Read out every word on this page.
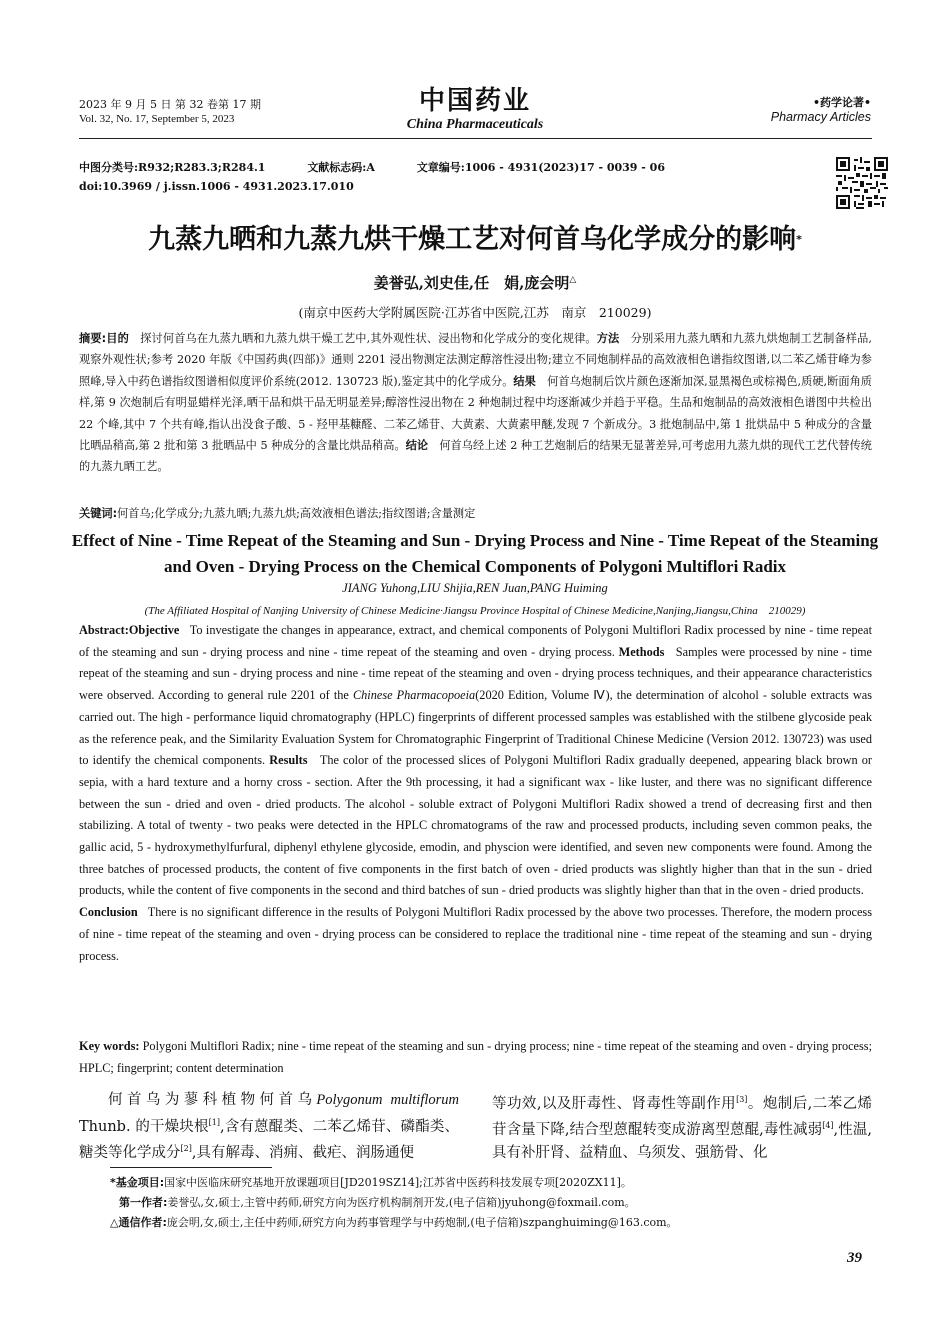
2023 年 9 月 5 日 第 32 卷第 17 期
Vol. 32, No. 17, September 5, 2023
中国药业
China Pharmaceuticals
•药学论著•
Pharmacy Articles
中图分类号:R932;R283.3;R284.1	文献标志码:A	文章编号:1006 - 4931(2023)17 - 0039 - 06
doi:10.3969 / j.issn.1006 - 4931.2023.17.010
九蒸九晒和九蒸九烘干燥工艺对何首乌化学成分的影响*
姜誉弘,刘史佳,任　娟,庞会明△
(南京中医药大学附属医院·江苏省中医院,江苏　南京　210029)
摘要:目的　 探讨何首乌在九蒸九晒和九蒸九烘干燥工艺中,其外观性状、浸出物和化学成分的变化规律。方法　 分别采用九蒸九晒和九蒸九烘炮制工艺制备样品,观察外观性状;参考 2020 年版《中国药典(四部)》通则 2201 浸出物测定法测定醇溶性浸出物;建立不同炮制样品的高效液相色谱指纹图谱,以二苯乙烯苷峰为参照峰,导入中药色谱指纹图谱相似度评价系统(2012. 130723 版),鉴定其中的化学成分。结果　 何首乌炮制后饮片颜色逐渐加深,显黑褐色或棕褐色,质硬,断面角质样,第 9 次炮制后有明显蜡样光泽,晒干品和烘干品无明显差异;醇溶性浸出物在 2 种炮制过程中均逐渐减少并趋于平稳。生品和炮制品的高效液相色谱图中共检出 22 个峰,其中 7 个共有峰,指认出没食子酸、5 - 羟甲基糠醛、二苯乙烯苷、大黄素、大黄素甲醚,发现 7 个新成分。3 批炮制品中,第 1 批烘品中 5 种成分的含量比晒品稍高,第 2 批和第 3 批晒品中 5 种成分的含量比烘品稍高。结论　 何首乌经上述 2 种工艺炮制后的结果无显著差异,可考虑用九蒸九烘的现代工艺代替传统的九蒸九晒工艺。
关键词:何首乌;化学成分;九蒸九晒;九蒸九烘;高效液相色谱法;指纹图谱;含量测定
Effect of Nine - Time Repeat of the Steaming and Sun - Drying Process and Nine - Time Repeat of the Steaming and Oven - Drying Process on the Chemical Components of Polygoni Multiflori Radix
JIANG Yuhong,LIU Shijia,REN Juan,PANG Huiming
(The Affiliated Hospital of Nanjing University of Chinese Medicine·Jiangsu Province Hospital of Chinese Medicine,Nanjing,Jiangsu,China　210029)
Abstract:Objective To investigate the changes in appearance, extract, and chemical components of Polygoni Multiflori Radix processed by nine - time repeat of the steaming and sun - drying process and nine - time repeat of the steaming and oven - drying process. Methods Samples were processed by nine - time repeat of the steaming and sun - drying process and nine - time repeat of the steaming and oven - drying process techniques, and their appearance characteristics were observed. According to general rule 2201 of the Chinese Pharmacopoeia(2020 Edition, Volume Ⅳ), the determination of alcohol - soluble extracts was carried out. The high - performance liquid chromatography (HPLC) fingerprints of different processed samples was established with the stilbene glycoside peak as the reference peak, and the Similarity Evaluation System for Chromatographic Fingerprint of Traditional Chinese Medicine (Version 2012. 130723) was used to identify the chemical components. Results The color of the processed slices of Polygoni Multiflori Radix gradually deepened, appearing black brown or sepia, with a hard texture and a horny cross - section. After the 9th processing, it had a significant wax - like luster, and there was no significant difference between the sun - dried and oven - dried products. The alcohol - soluble extract of Polygoni Multiflori Radix showed a trend of decreasing first and then stabilizing. A total of twenty - two peaks were detected in the HPLC chromatograms of the raw and processed products, including seven common peaks, the gallic acid, 5 - hydroxymethylfurfural, diphenyl ethylene glycoside, emodin, and physcion were identified, and seven new components were found. Among the three batches of processed products, the content of five components in the first batch of oven - dried products was slightly higher than that in the sun - dried products, while the content of five components in the second and third batches of sun - dried products was slightly higher than that in the oven - dried products.
Conclusion There is no significant difference in the results of Polygoni Multiflori Radix processed by the above two processes. Therefore, the modern process of nine - time repeat of the steaming and oven - drying process can be considered to replace the traditional nine - time repeat of the steaming and sun - drying process.
Key words: Polygoni Multiflori Radix; nine - time repeat of the steaming and sun - drying process; nine - time repeat of the steaming and oven - drying process; HPLC; fingerprint; content determination
何首乌为蓼科植物何首乌Polygonum multiflorum Thunb. 的干燥块根[1],含有蒽醌类、二苯乙烯苷、磷酯类、糖类等化学成分[2],具有解毒、消痈、截疟、润肠通便
等功效,以及肝毒性、肾毒性等副作用[3]。炮制后,二苯乙烯苷含量下降,结合型蒽醌转变成游离型蒽醌,毒性减弱[4],性温,具有补肝肾、益精血、乌须发、强筋骨、化
*基金项目:国家中医临床研究基地开放课题项目[JD2019SZ14];江苏省中医药科技发展专项[2020ZX11]。
第一作者:姜誉弘,女,硕士,主管中药师,研究方向为医疗机构制剂开发,(电子信箱)jyuhong@foxmail.com。
△通信作者:庞会明,女,硕士,主任中药师,研究方向为药事管理学与中药炮制,(电子信箱)szpanghuiming@163.com。
39
